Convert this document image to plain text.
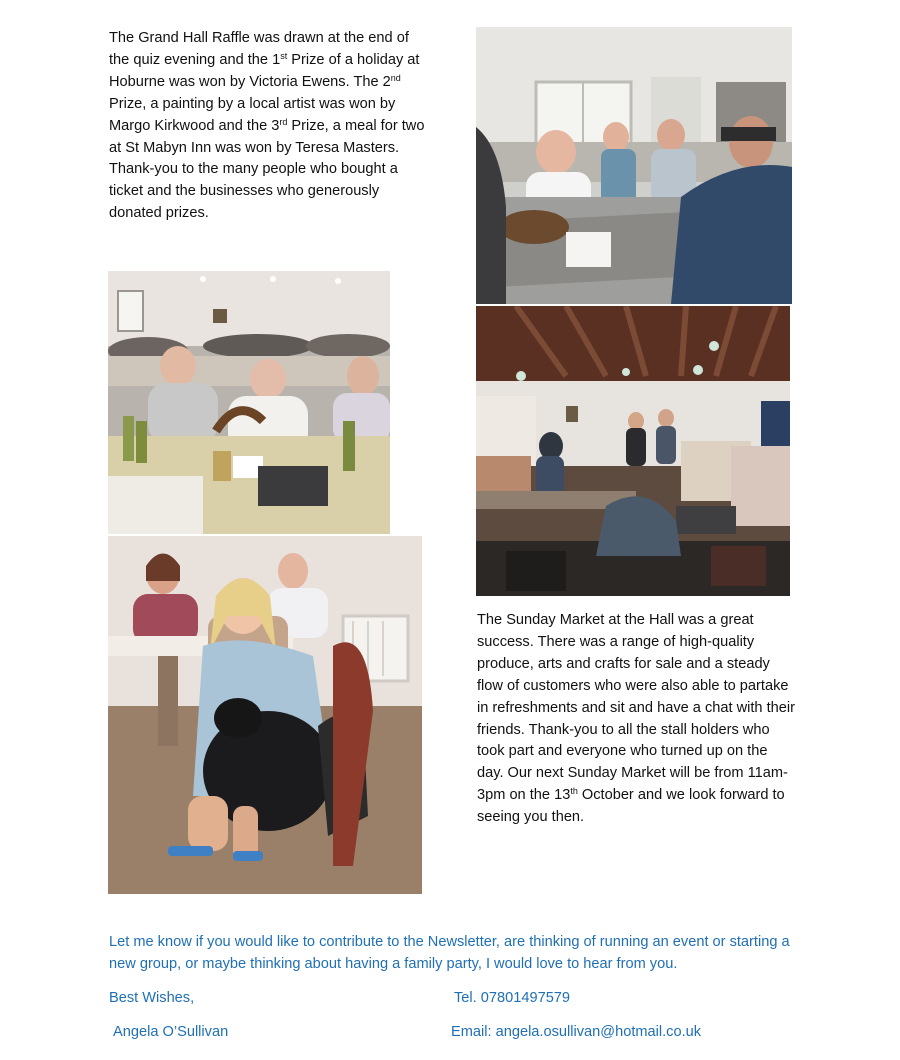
The Grand Hall Raffle was drawn at the end of the quiz evening and the 1st Prize of a holiday at Hoburne was won by Victoria Ewens. The 2nd Prize, a painting by a local artist was won by Margo Kirkwood and the 3rd Prize, a meal for two at St Mabyn Inn was won by Teresa Masters. Thank-you to the many people who bought a ticket and the businesses who generously donated prizes.

The Sunday Market at the Hall was a great success. There was a range of high-quality produce, arts and crafts for sale and a steady flow of customers who were also able to partake in refreshments and sit and have a chat with their friends. Thank-you to all the stall holders who took part and everyone who turned up on the day. Our next Sunday Market will be from 11am-3pm on the 13th October and we look forward to seeing you then.

Let me know if you would like to contribute to the Newsletter, are thinking of running an event or starting a new group, or maybe thinking about having a family party, I would love to hear from you.

Best Wishes,	Tel. 07801497579

Angela O’Sullivan	Email: angela.osullivan@hotmail.co.uk
